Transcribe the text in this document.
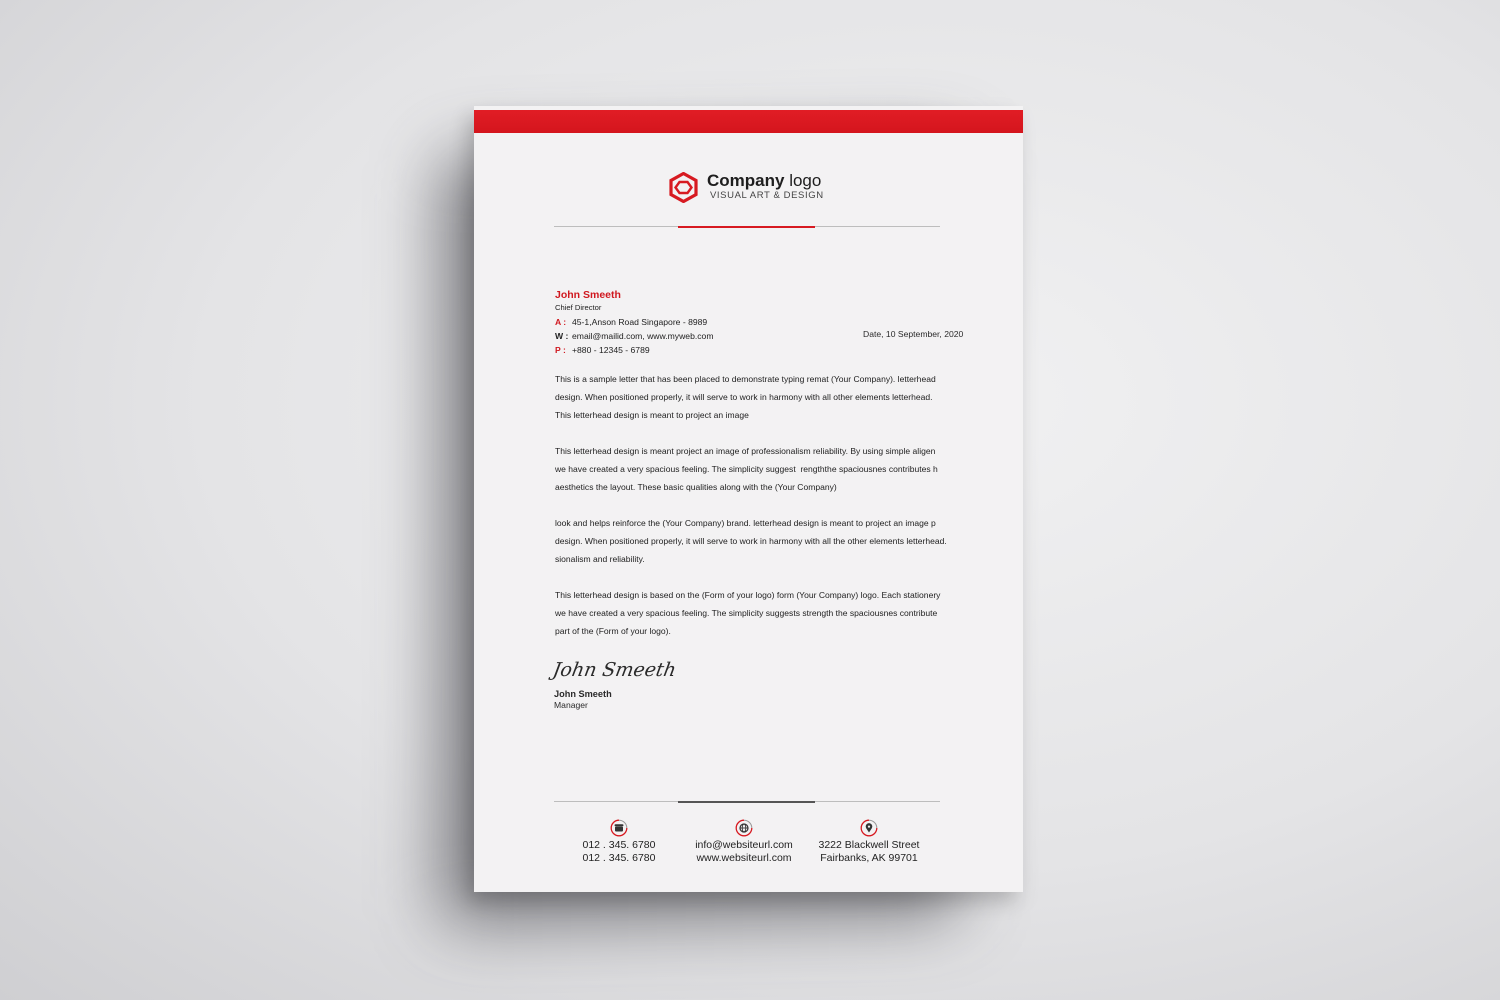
Company logo
VISUAL ART & DESIGN
John Smeeth
Chief Director
A : 45-1,Anson Road Singapore - 8989
W : email@mailid.com, www.myweb.com
P : +880 - 12345 - 6789
Date, 10 September, 2020

This is a sample letter that has been placed to demonstrate typing remat (Your Company). letterhead
design. When positioned properly, it will serve to work in harmony with all other elements letterhead.
This letterhead design is meant to project an image

This letterhead design is meant project an image of professionalism reliability. By using simple aligen
we have created a very spacious feeling. The simplicity suggest  rengththe spaciousnes contributes h
aesthetics the layout. These basic qualities along with the (Your Company)

look and helps reinforce the (Your Company) brand. letterhead design is meant to project an image p
design. When positioned properly, it will serve to work in harmony with all the other elements letterhead.
sionalism and reliability.

This letterhead design is based on the (Form of your logo) form (Your Company) logo. Each stationery
we have created a very spacious feeling. The simplicity suggests strength the spaciousnes contribute
part of the (Form of your logo).

John Smeeth
John Smeeth
Manager
012 . 345. 6780
012 . 345. 6780
info@websiteurl.com
www.websiteurl.com
3222 Blackwell Street
Fairbanks, AK 99701
